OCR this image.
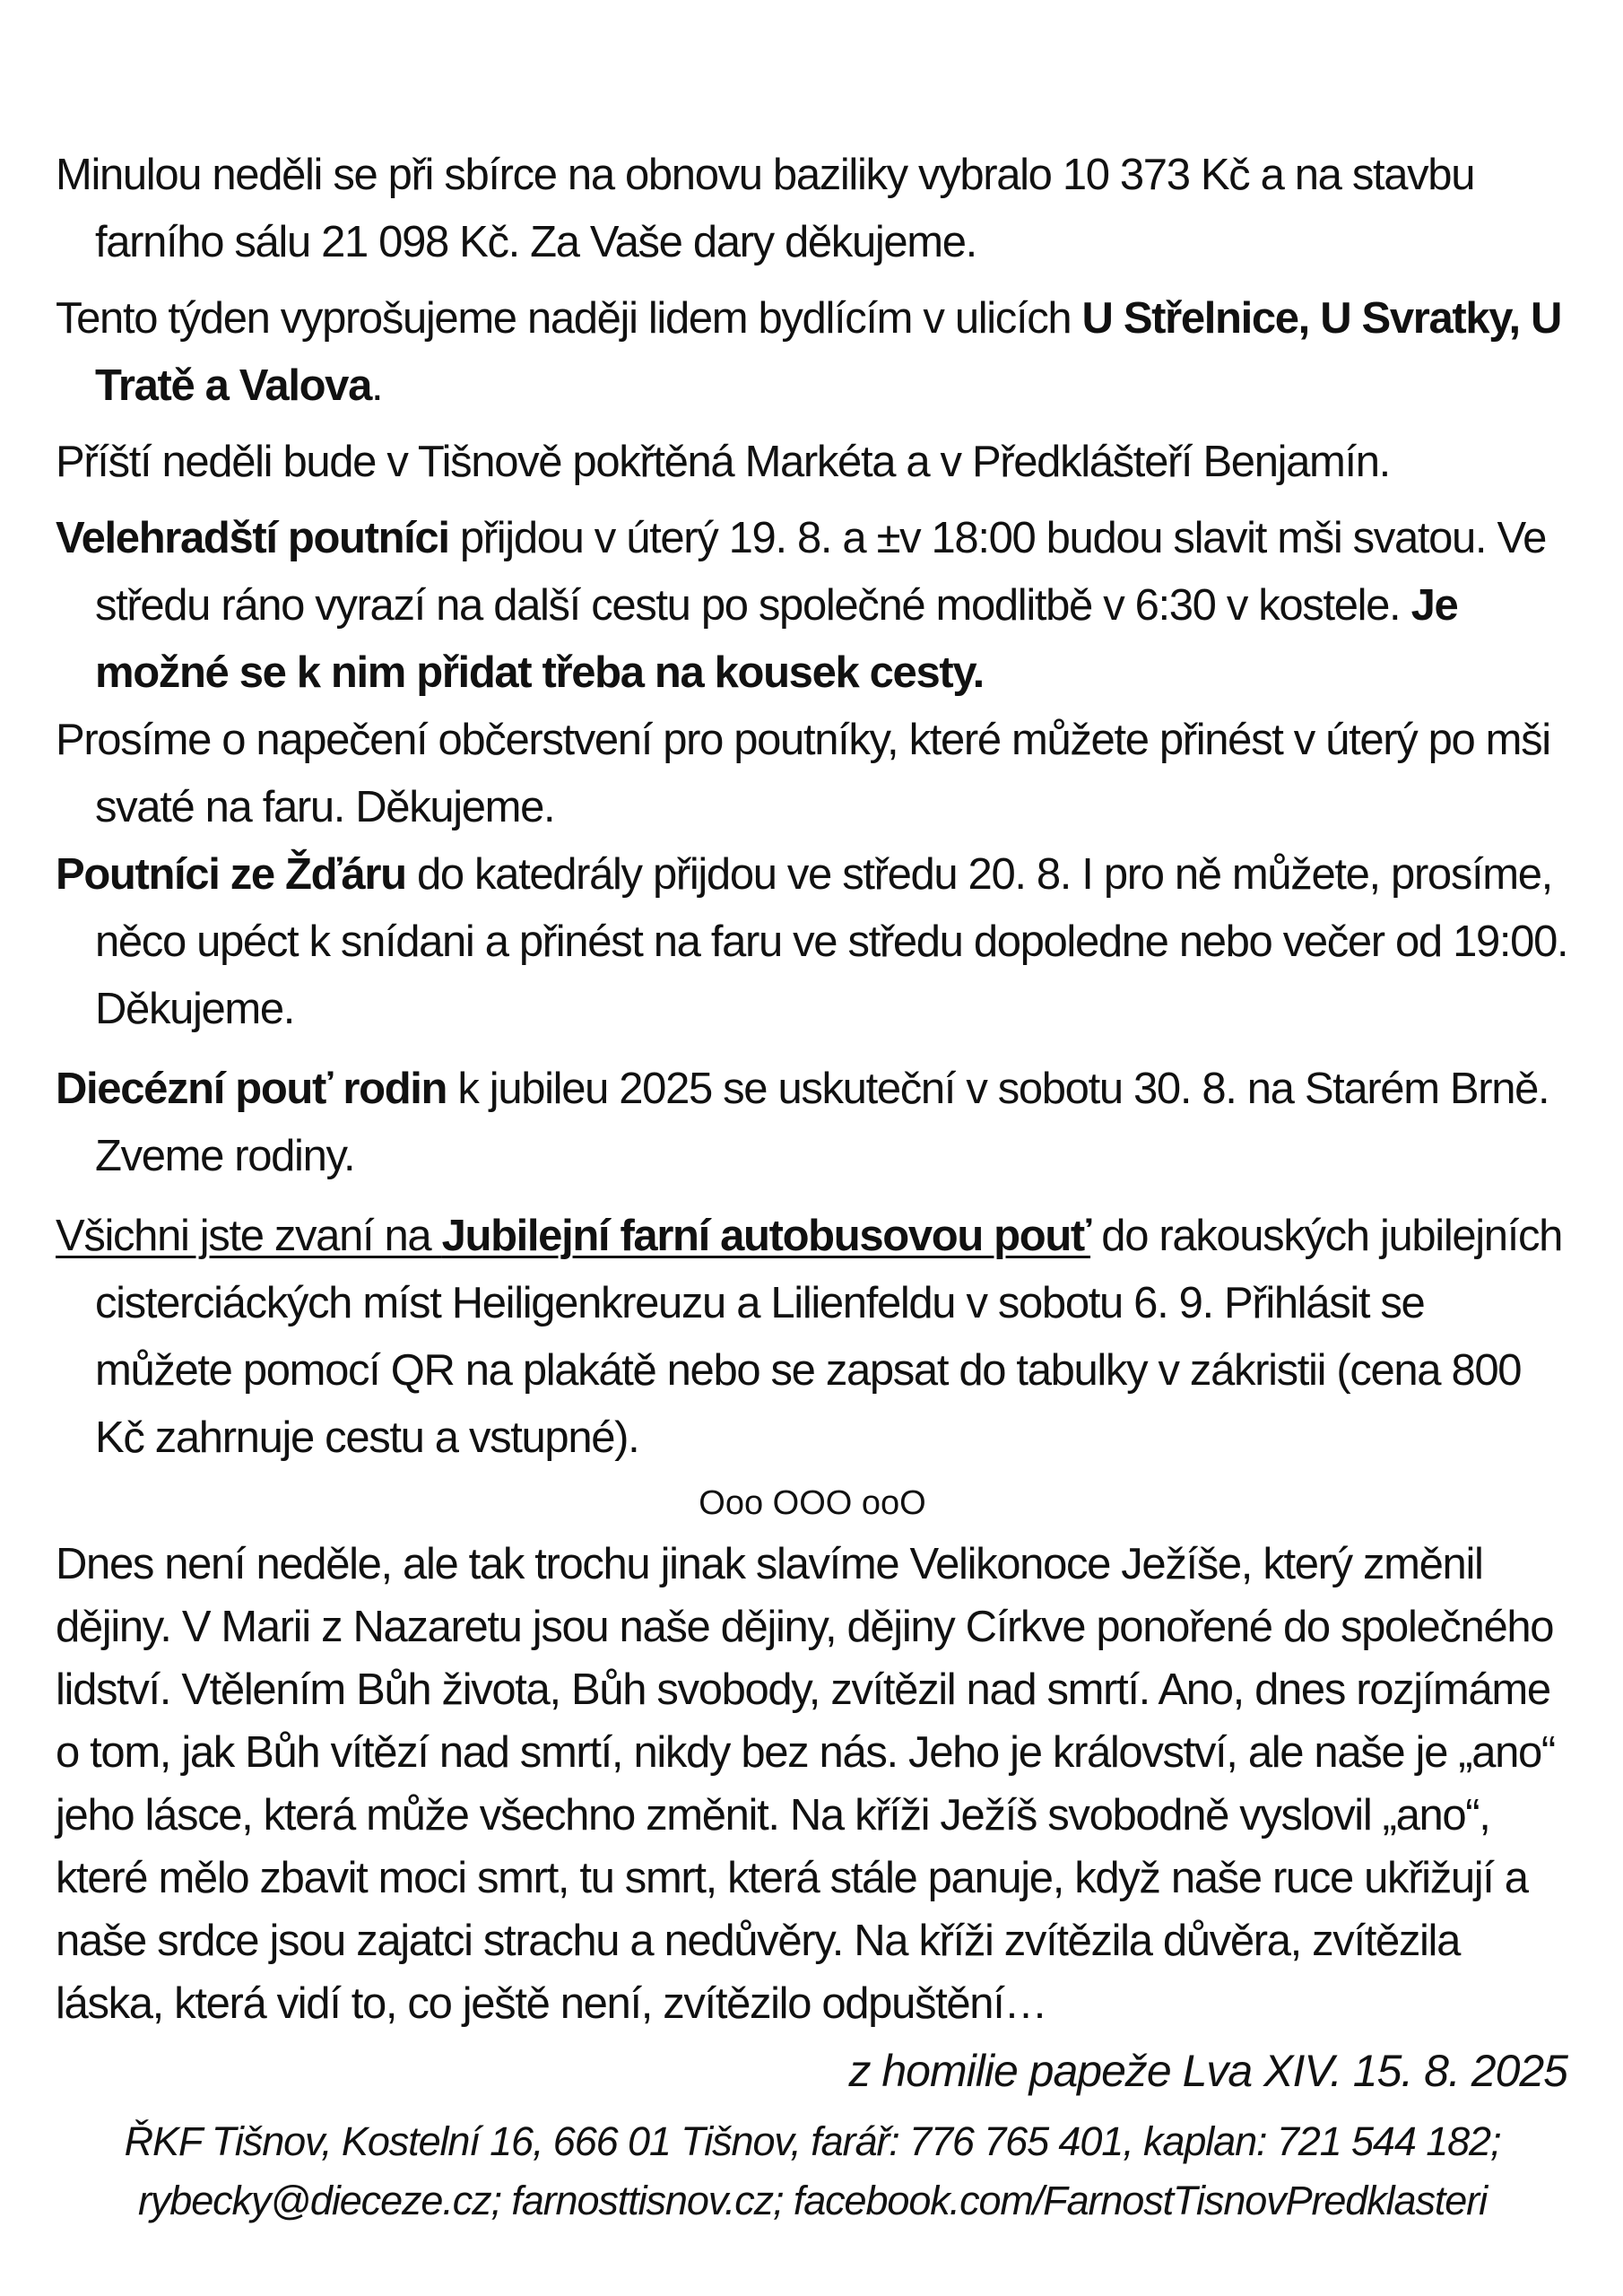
Minulou neděli se při sbírce na obnovu baziliky vybralo 10 373 Kč a na stavbu farního sálu 21 098 Kč. Za Vaše dary děkujeme.

Tento týden vyprošujeme naději lidem bydlícím v ulicích U Střelnice, U Svratky, U Tratě a Valova.

Příští neděli bude v Tišnově pokřtěná Markéta a v Předklášteří Benjamín.

Velehradští poutníci přijdou v úterý 19. 8. a ±v 18:00 budou slavit mši svatou. Ve středu ráno vyrazí na další cestu po společné modlitbě v 6:30 v kostele. Je možné se k nim přidat třeba na kousek cesty.

Prosíme o napečení občerstvení pro poutníky, které můžete přinést v úterý po mši svaté na faru. Děkujeme.

Poutníci ze Žďáru do katedrály přijdou ve středu 20. 8. I pro ně můžete, prosíme, něco upéct k snídani a přinést na faru ve středu dopoledne nebo večer od 19:00. Děkujeme.

Diecézní pouť rodin k jubileu 2025 se uskuteční v sobotu 30. 8. na Starém Brně. Zveme rodiny.

Všichni jste zvaní na Jubilejní farní autobusovou pouť do rakouských jubilejních cisterciáckých míst Heiligenkreuzu a Lilienfeldu v sobotu 6. 9. Přihlásit se můžete pomocí QR na plakátě nebo se zapsat do tabulky v zákristii (cena 800 Kč zahrnuje cestu a vstupné).

Ooo OOO ooO

Dnes není neděle, ale tak trochu jinak slavíme Velikonoce Ježíše, který změnil dějiny. V Marii z Nazaretu jsou naše dějiny, dějiny Církve ponořené do společného lidství. Vtělením Bůh života, Bůh svobody, zvítězil nad smrtí. Ano, dnes rozjímáme o tom, jak Bůh vítězí nad smrtí, nikdy bez nás. Jeho je království, ale naše je „ano“ jeho lásce, která může všechno změnit. Na kříži Ježíš svobodně vyslovil „ano“, které mělo zbavit moci smrt, tu smrt, která stále panuje, když naše ruce ukřižují a naše srdce jsou zajatci strachu a nedůvěry. Na kříži zvítězila důvěra, zvítězila láska, která vidí to, co ještě není, zvítězilo odpuštění…

z homilie papeže Lva XIV. 15. 8. 2025

ŘKF Tišnov, Kostelní 16, 666 01 Tišnov, farář: 776 765 401, kaplan: 721 544 182;
rybecky@dieceze.cz; farnosttisnov.cz; facebook.com/FarnostTisnovPredklasteri
